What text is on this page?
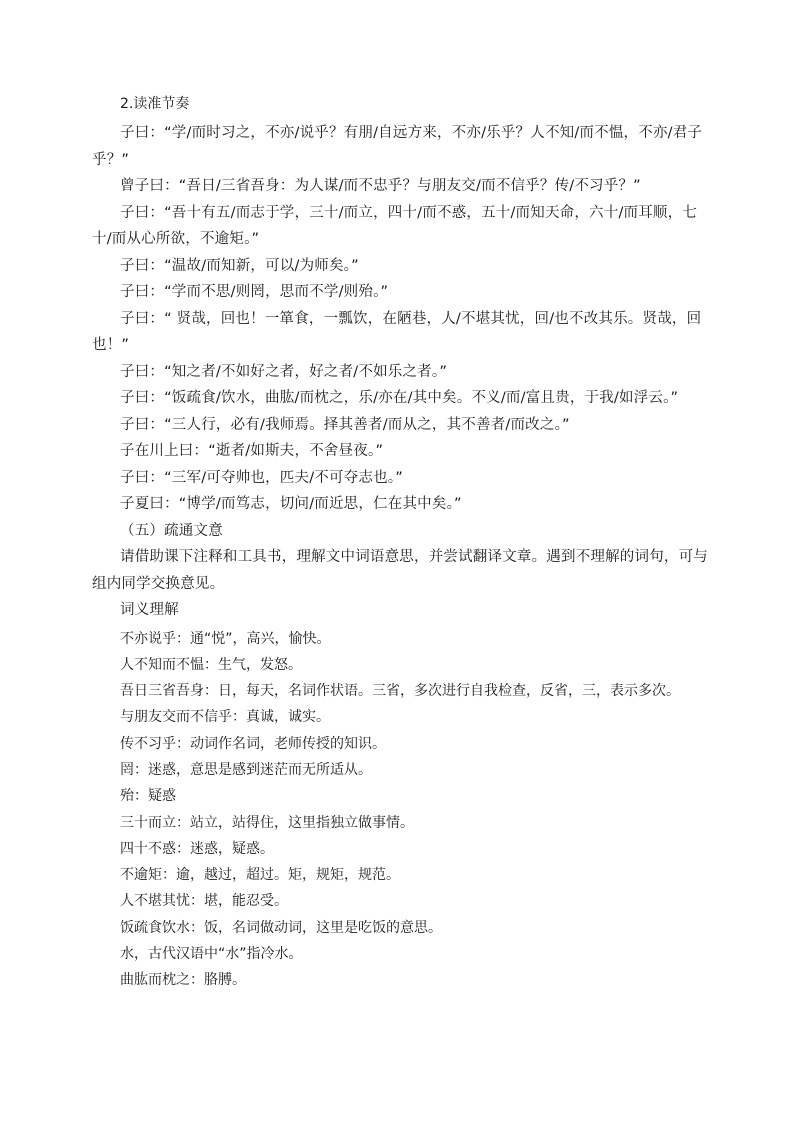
2.读准节奏

子曰：“学/而时习之，不亦/说乎？有朋/自远方来，不亦/乐乎？人不知/而不愠，不亦/君子乎？”

曾子曰：“吾日/三省吾身：为人谋/而不忠乎？与朋友交/而不信乎？传/不习乎？”

子曰：“吾十有五/而志于学，三十/而立，四十/而不惑，五十/而知天命，六十/而耳顺，七十/而从心所欲，不逾矩。”

子曰：“温故/而知新，可以/为师矣。”

子曰：“学而不思/则罔，思而不学/则殆。”

子曰：“ 贤哉，回也！一箪食，一瓢饮，在陋巷，人/不堪其忧，回/也不改其乐。贤哉，回也！”

子曰：“知之者/不如好之者，好之者/不如乐之者。”

子曰：“饭疏食/饮水，曲肱/而枕之，乐/亦在/其中矣。不义/而/富且贵，于我/如浮云。”

子曰：“三人行，必有/我师焉。择其善者/而从之，其不善者/而改之。”

子在川上曰：“逝者/如斯夫，不舍昼夜。”

子曰：“三军/可夺帅也，匹夫/不可夺志也。”

子夏曰：“博学/而笃志，切问/而近思，仁在其中矣。”

（五）疏通文意

请借助课下注释和工具书，理解文中词语意思，并尝试翻译文章。遇到不理解的词句，可与组内同学交换意见。

词义理解

不亦说乎：通“悦”，高兴，愉快。

人不知而不愠：生气，发怒。

吾日三省吾身：日，每天，名词作状语。三省，多次进行自我检查，反省，三，表示多次。

与朋友交而不信乎：真诚，诚实。

传不习乎：动词作名词，老师传授的知识。

罔：迷惑，意思是感到迷茫而无所适从。

殆：疑惑

三十而立：站立，站得住，这里指独立做事情。

四十不惑：迷惑，疑惑。

不逾矩：逾，越过，超过。矩，规矩，规范。

人不堪其忧：堪，能忍受。

饭疏食饮水：饭，名词做动词，这里是吃饭的意思。

水，古代汉语中“水”指冷水。

曲肱而枕之：胳膊。
